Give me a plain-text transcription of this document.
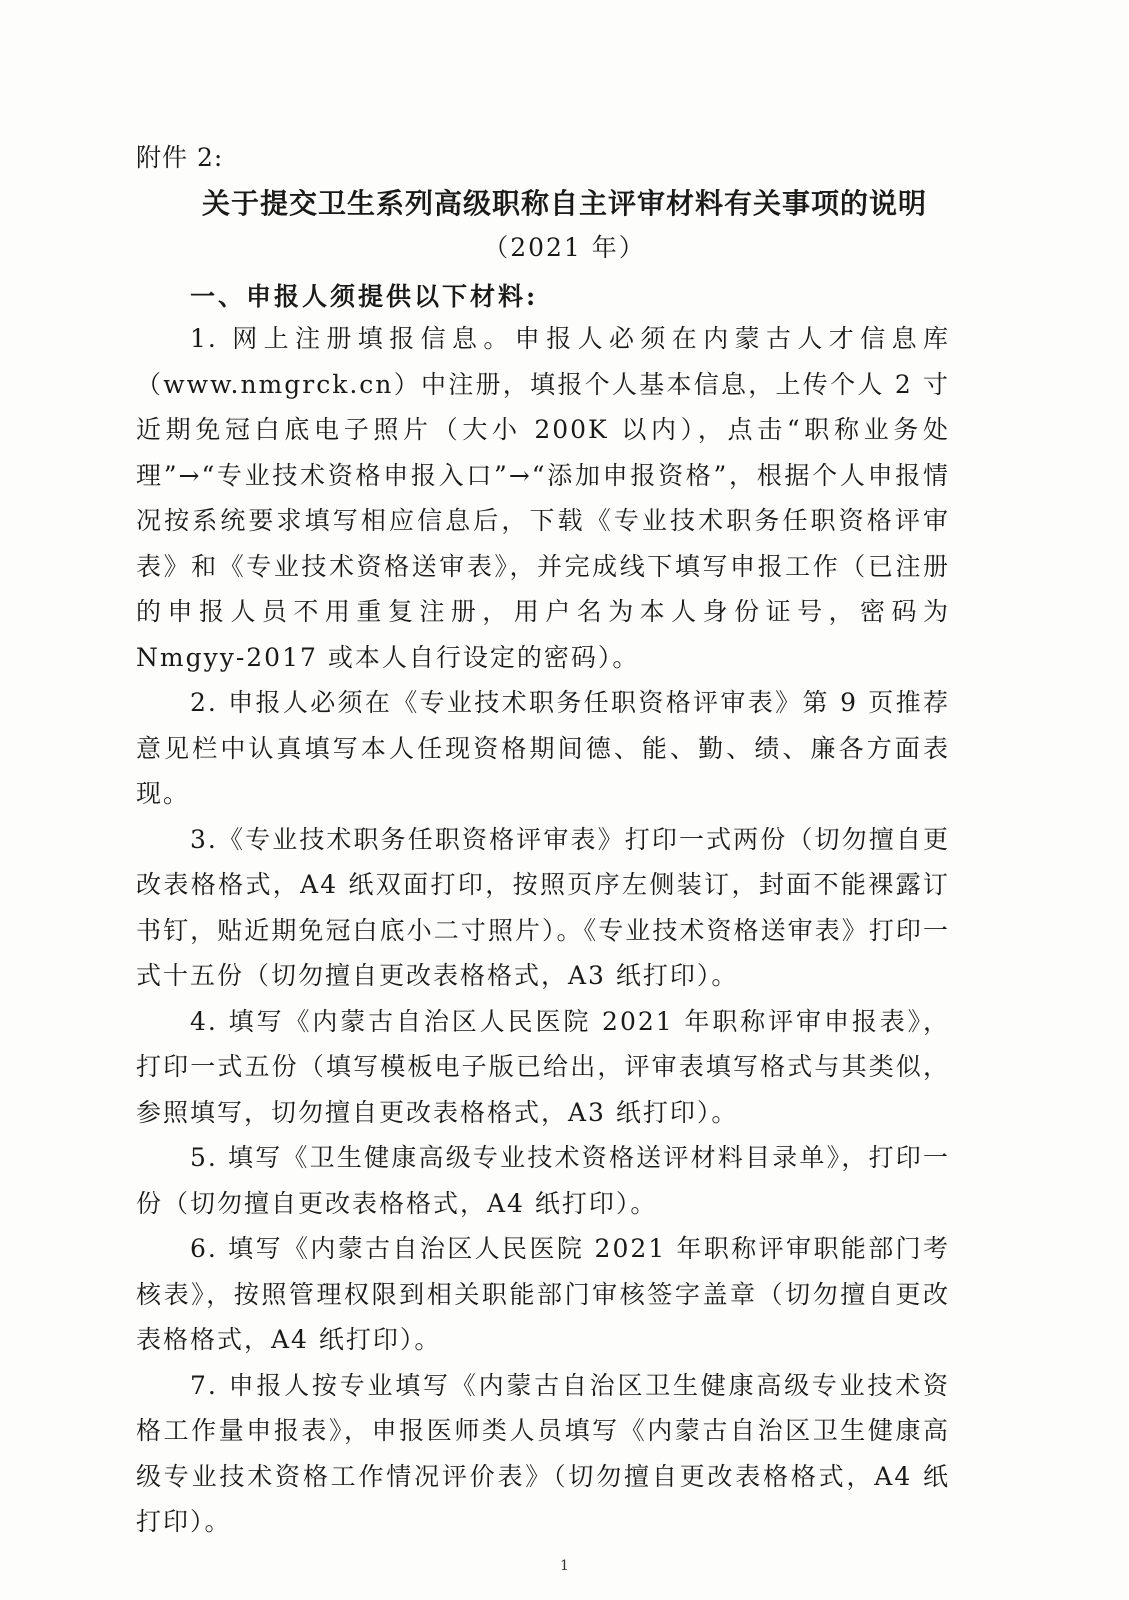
附件 2:
关于提交卫生系列高级职称自主评审材料有关事项的说明
（2021 年）
一、申报人须提供以下材料:

1. 网上注册填报信息。申报人必须在内蒙古人才信息库（www.nmgrck.cn）中注册，填报个人基本信息，上传个人 2 寸近期免冠白底电子照片（大小 200K 以内），点击“职称业务处理”→“专业技术资格申报入口”→“添加申报资格”，根据个人申报情况按系统要求填写相应信息后，下载《专业技术职务任职资格评审表》和《专业技术资格送审表》，并完成线下填写申报工作（已注册的申报人员不用重复注册，用户名为本人身份证号，密码为 Nmgyy-2017 或本人自行设定的密码）。

2. 申报人必须在《专业技术职务任职资格评审表》第 9 页推荐意见栏中认真填写本人任现资格期间德、能、勤、绩、廉各方面表现。

3.《专业技术职务任职资格评审表》打印一式两份（切勿擅自更改表格格式，A4 纸双面打印，按照页序左侧装订，封面不能裸露订书钉，贴近期免冠白底小二寸照片）。《专业技术资格送审表》打印一式十五份（切勿擅自更改表格格式，A3 纸打印）。

4. 填写《内蒙古自治区人民医院 2021 年职称评审申报表》，打印一式五份（填写模板电子版已给出，评审表填写格式与其类似，参照填写，切勿擅自更改表格格式，A3 纸打印）。

5. 填写《卫生健康高级专业技术资格送评材料目录单》，打印一份（切勿擅自更改表格格式，A4 纸打印）。

6. 填写《内蒙古自治区人民医院 2021 年职称评审职能部门考核表》，按照管理权限到相关职能部门审核签字盖章（切勿擅自更改表格格式，A4 纸打印）。

7. 申报人按专业填写《内蒙古自治区卫生健康高级专业技术资格工作量申报表》，申报医师类人员填写《内蒙古自治区卫生健康高级专业技术资格工作情况评价表》（切勿擅自更改表格格式，A4 纸打印）。

1
